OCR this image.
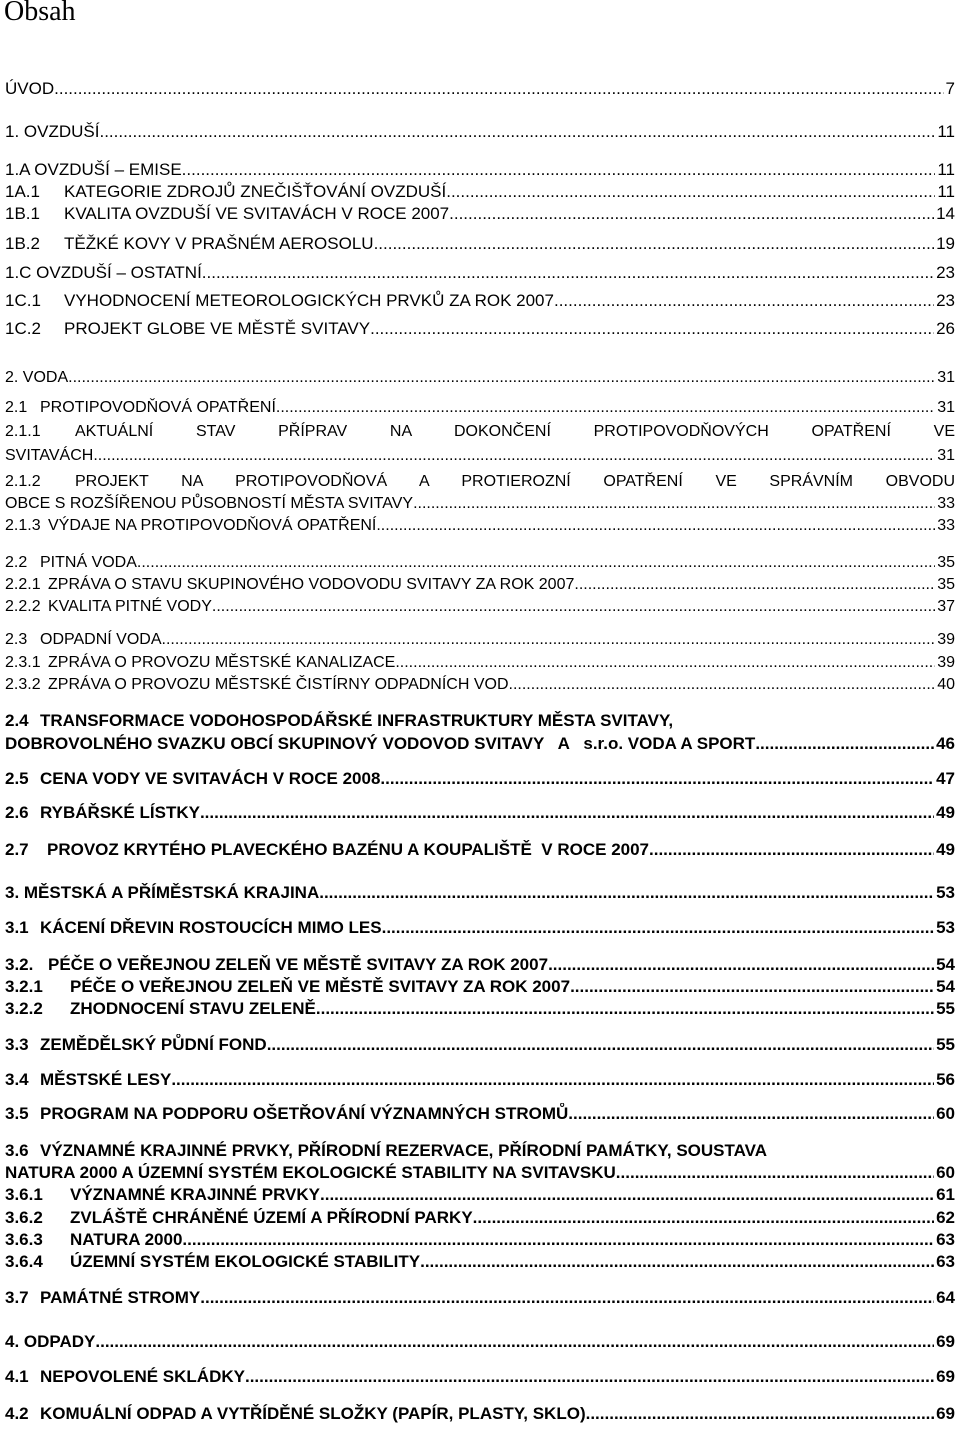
Obsah
ÚVOD .....	7
1. OVZDUŠÍ .....	11
1.A OVZDUŠÍ – EMISE .....	11
1A.1	KATEGORIE ZDROJŮ ZNEČIŠŤOVÁNÍ OVZDUŠÍ .....	11
1B.1	KVALITA OVZDUŠÍ VE SVITAVÁCH V ROCE 2007 .....	14
1B.2	TĚŽKÉ KOVY V PRAŠNÉM AEROSOLU .....	19
1.C OVZDUŠÍ – OSTATNÍ .....	23
1C.1	VYHODNOCENÍ METEOROLOGICKÝCH PRVKŮ ZA ROK 2007 .....	23
1C.2	PROJEKT GLOBE VE MĚSTĚ SVITAVY .....	26
2. VODA .....	31
2.1 PROTIPOVODŇOVÁ OPATŘENÍ .....	31
2.1.1 AKTUÁLNÍ STAV PŘÍPRAV NA DOKONČENÍ PROTIPOVODŇOVÝCH OPATŘENÍ VE
SVITAVÁCH .....	31
2.1.2 PROJEKT NA PROTIPOVODŇOVÁ A PROTIEROZNÍ OPATŘENÍ VE SPRÁVNÍM OBVODU
OBCE S ROZŠÍŘENOU PŮSOBNOSTÍ MĚSTA SVITAVY .....	33
2.1.3 VÝDAJE NA PROTIPOVODŇOVÁ OPATŘENÍ .....	33
2.2 PITNÁ VODA .....	35
2.2.1 ZPRÁVA O STAVU SKUPINOVÉHO VODOVODU SVITAVY ZA ROK 2007 .....	35
2.2.2 KVALITA PITNÉ VODY .....	37
2.3 ODPADNÍ VODA .....	39
2.3.1 ZPRÁVA O PROVOZU MĚSTSKÉ KANALIZACE .....	39
2.3.2 ZPRÁVA O PROVOZU MĚSTSKÉ ČISTÍRNY ODPADNÍCH VOD .....	40
2.4 TRANSFORMACE VODOHOSPODÁŘSKÉ INFRASTRUKTURY MĚSTA SVITAVY,
DOBROVOLNÉHO SVAZKU OBCÍ SKUPINOVÝ VODOVOD SVITAVY   A   s.r.o. VODA A SPORT .....	46
2.5 CENA VODY VE SVITAVÁCH V ROCE 2008 .....	47
2.6 RYBÁŘSKÉ LÍSTKY .....	49
2.7	PROVOZ KRYTÉHO PLAVECKÉHO BAZÉNU A KOUPALIŠTĚ  V ROCE 2007 .....	49
3. MĚSTSKÁ A PŘÍMĚSTSKÁ KRAJINA .....	53
3.1 KÁCENÍ DŘEVIN ROSTOUCÍCH MIMO LES .....	53
3.2. PÉČE O VEŘEJNOU ZELEŇ VE MĚSTĚ SVITAVY ZA ROK 2007 .....	54
3.2.1	PÉČE O VEŘEJNOU ZELEŇ VE MĚSTĚ SVITAVY ZA ROK 2007 .....	54
3.2.2	ZHODNOCENÍ STAVU ZELENĚ .....	55
3.3 ZEMĚDĚLSKÝ PŮDNÍ FOND .....	55
3.4 MĚSTSKÉ LESY .....	56
3.5 PROGRAM NA PODPORU OŠETŘOVÁNÍ VÝZNAMNÝCH STROMŮ .....	60
3.6 VÝZNAMNÉ KRAJINNÉ PRVKY, PŘÍRODNÍ REZERVACE, PŘÍRODNÍ PAMÁTKY, SOUSTAVA
NATURA 2000 A ÚZEMNÍ SYSTÉM EKOLOGICKÉ STABILITY NA SVITAVSKU .....	60
3.6.1	VÝZNAMNÉ KRAJINNÉ PRVKY .....	61
3.6.2	ZVLÁŠTĚ CHRÁNĚNÉ ÚZEMÍ A PŘÍRODNÍ PARKY .....	62
3.6.3	NATURA 2000 .....	63
3.6.4	ÚZEMNÍ SYSTÉM EKOLOGICKÉ STABILITY .....	63
3.7 PAMÁTNÉ STROMY .....	64
4. ODPADY .....	69
4.1 NEPOVOLENÉ SKLÁDKY .....	69
4.2 KOMUÁLNÍ ODPAD A VYTŘÍDĚNÉ SLOŽKY (PAPÍR, PLASTY, SKLO) .....	69
